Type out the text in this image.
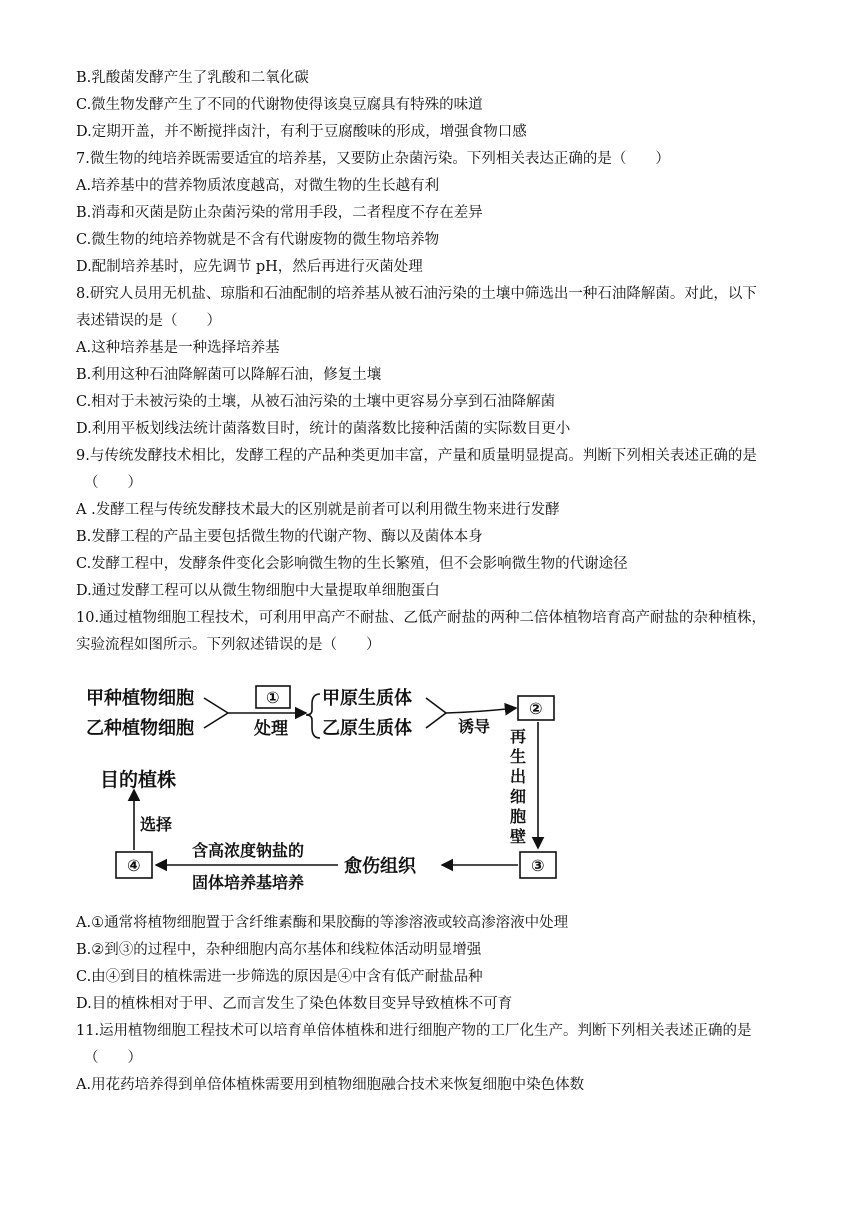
B.乳酸菌发酵产生了乳酸和二氧化碳
C.微生物发酵产生了不同的代谢物使得该臭豆腐具有特殊的味道
D.定期开盖，并不断搅拌卤汁，有利于豆腐酸味的形成，增强食物口感
7.微生物的纯培养既需要适宜的培养基，又要防止杂菌污染。下列相关表达正确的是（　　）
A.培养基中的营养物质浓度越高，对微生物的生长越有利
B.消毒和灭菌是防止杂菌污染的常用手段，二者程度不存在差异
C.微生物的纯培养物就是不含有代谢废物的微生物培养物
D.配制培养基时，应先调节 pH，然后再进行灭菌处理
8.研究人员用无机盐、琼脂和石油配制的培养基从被石油污染的土壤中筛选出一种石油降解菌。对此，以下
表述错误的是（　　）
A.这种培养基是一种选择培养基
B.利用这种石油降解菌可以降解石油，修复土壤
C.相对于未被污染的土壤，从被石油污染的土壤中更容易分享到石油降解菌
D.利用平板划线法统计菌落数目时，统计的菌落数比接种活菌的实际数目更小
9.与传统发酵技术相比，发酵工程的产品种类更加丰富，产量和质量明显提高。判断下列相关表述正确的是
（　　）
A .发酵工程与传统发酵技术最大的区别就是前者可以利用微生物来进行发酵
B.发酵工程的产品主要包括微生物的代谢产物、酶以及菌体本身
C.发酵工程中，发酵条件变化会影响微生物的生长繁殖，但不会影响微生物的代谢途径
D.通过发酵工程可以从微生物细胞中大量提取单细胞蛋白
10.通过植物细胞工程技术，可利用甲高产不耐盐、乙低产耐盐的两种二倍体植物培育高产耐盐的杂种植株，
实验流程如图所示。下列叙述错误的是（　　）
甲种植物细胞
乙种植物细胞
①
处理
甲原生质体
乙原生质体	诱导
②
再
生
出
细
胞
壁
③
愈伤组织
含高浓度钠盐的
固体培养基培养
④
选择
目的植株
A.①通常将植物细胞置于含纤维素酶和果胶酶的等渗溶液或较高渗溶液中处理
B.②到③的过程中，杂种细胞内高尔基体和线粒体活动明显增强
C.由④到目的植株需进一步筛选的原因是④中含有低产耐盐品种
D.目的植株相对于甲、乙而言发生了染色体数目变异导致植株不可育
11.运用植物细胞工程技术可以培育单倍体植株和进行细胞产物的工厂化生产。判断下列相关表述正确的是
（　　）
A.用花药培养得到单倍体植株需要用到植物细胞融合技术来恢复细胞中染色体数
